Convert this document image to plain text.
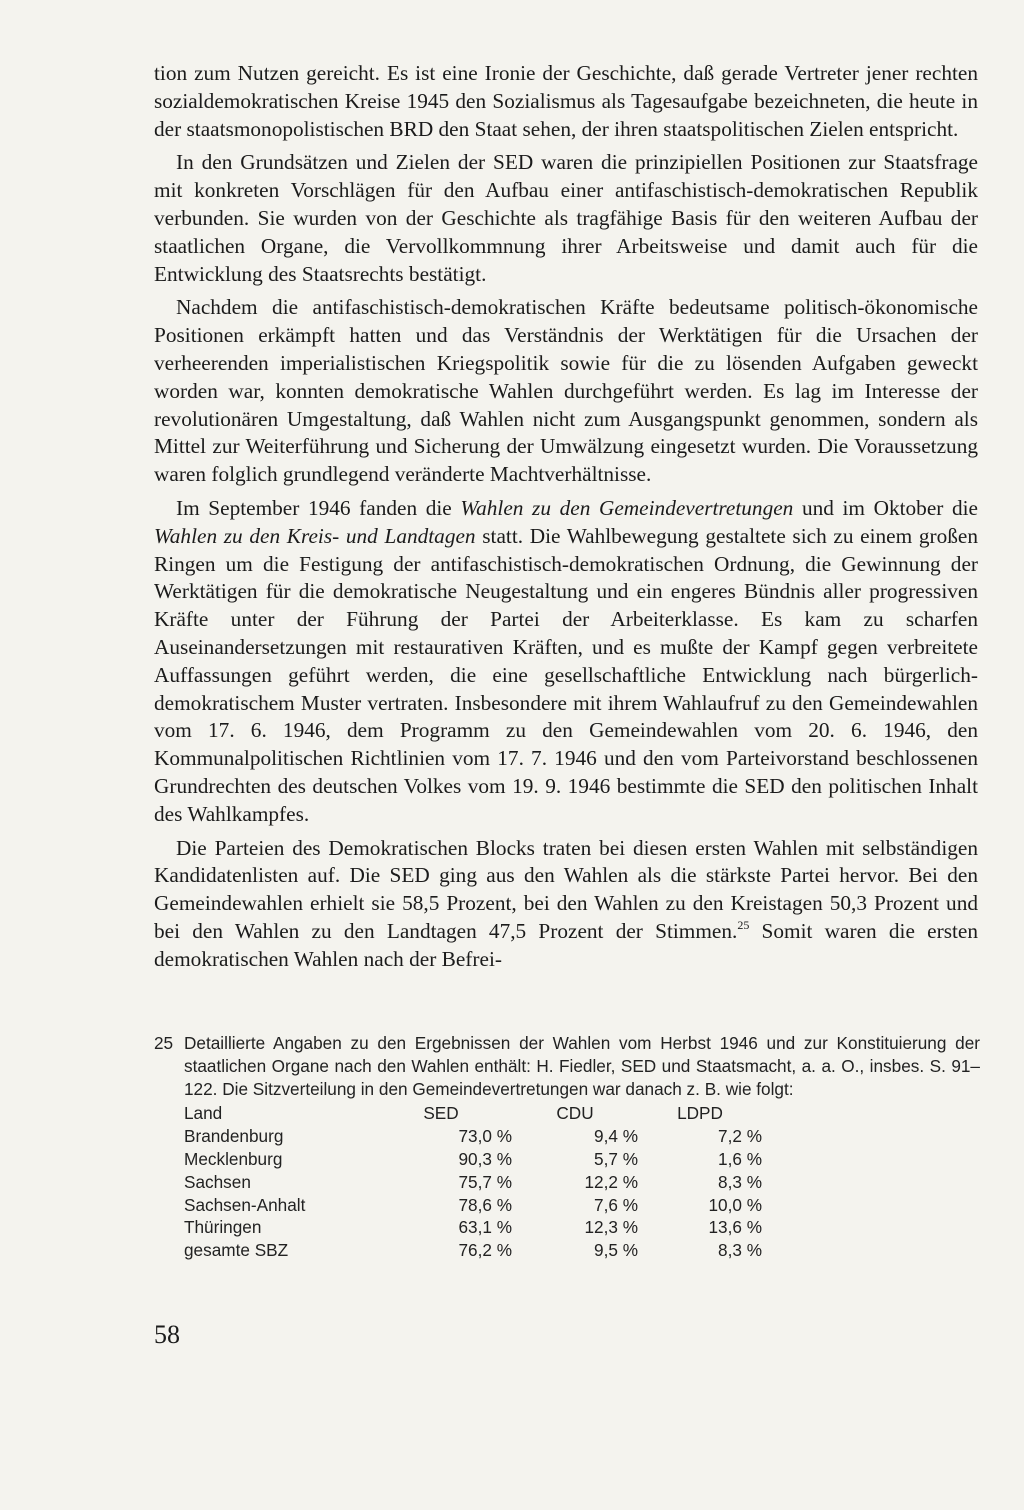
tion zum Nutzen gereicht. Es ist eine Ironie der Geschichte, daß gerade Vertreter jener rechten sozialdemokratischen Kreise 1945 den Sozialismus als Tagesaufgabe bezeichneten, die heute in der staatsmonopolistischen BRD den Staat sehen, der ihren staatspolitischen Zielen entspricht.

In den Grundsätzen und Zielen der SED waren die prinzipiellen Positionen zur Staatsfrage mit konkreten Vorschlägen für den Aufbau einer antifaschistisch-demokratischen Republik verbunden. Sie wurden von der Geschichte als tragfähige Basis für den weiteren Aufbau der staatlichen Organe, die Vervollkommnung ihrer Arbeitsweise und damit auch für die Entwicklung des Staatsrechts bestätigt.

Nachdem die antifaschistisch-demokratischen Kräfte bedeutsame politisch-ökonomische Positionen erkämpft hatten und das Verständnis der Werktätigen für die Ursachen der verheerenden imperialistischen Kriegspolitik sowie für die zu lösenden Aufgaben geweckt worden war, konnten demokratische Wahlen durchgeführt werden. Es lag im Interesse der revolutionären Umgestaltung, daß Wahlen nicht zum Ausgangspunkt genommen, sondern als Mittel zur Weiterführung und Sicherung der Umwälzung eingesetzt wurden. Die Voraussetzung waren folglich grundlegend veränderte Machtverhältnisse.

Im September 1946 fanden die Wahlen zu den Gemeindevertretungen und im Oktober die Wahlen zu den Kreis- und Landtagen statt. Die Wahlbewegung gestaltete sich zu einem großen Ringen um die Festigung der antifaschistisch-demokratischen Ordnung, die Gewinnung der Werktätigen für die demokratische Neugestaltung und ein engeres Bündnis aller progressiven Kräfte unter der Führung der Partei der Arbeiterklasse. Es kam zu scharfen Auseinandersetzungen mit restaurativen Kräften, und es mußte der Kampf gegen verbreitete Auffassungen geführt werden, die eine gesellschaftliche Entwicklung nach bürgerlich-demokratischem Muster vertraten. Insbesondere mit ihrem Wahlaufruf zu den Gemeindewahlen vom 17. 6. 1946, dem Programm zu den Gemeindewahlen vom 20. 6. 1946, den Kommunalpolitischen Richtlinien vom 17. 7. 1946 und den vom Parteivorstand beschlossenen Grundrechten des deutschen Volkes vom 19. 9. 1946 bestimmte die SED den politischen Inhalt des Wahlkampfes.

Die Parteien des Demokratischen Blocks traten bei diesen ersten Wahlen mit selbständigen Kandidatenlisten auf. Die SED ging aus den Wahlen als die stärkste Partei hervor. Bei den Gemeindewahlen erhielt sie 58,5 Prozent, bei den Wahlen zu den Kreistagen 50,3 Prozent und bei den Wahlen zu den Landtagen 47,5 Prozent der Stimmen.$^{25}$ Somit waren die ersten demokratischen Wahlen nach der Befrei-

25 Detaillierte Angaben zu den Ergebnissen der Wahlen vom Herbst 1946 und zur Konstituierung der staatlichen Organe nach den Wahlen enthält: H. Fiedler, SED und Staatsmacht, a. a. O., insbes. S. 91–122. Die Sitzverteilung in den Gemeindevertretungen war danach z. B. wie folgt:
Land	SED	CDU	LDPD
Brandenburg	73,0 %	9,4 %	7,2 %
Mecklenburg	90,3 %	5,7 %	1,6 %
Sachsen	75,7 %	12,2 %	8,3 %
Sachsen-Anhalt	78,6 %	7,6 %	10,0 %
Thüringen	63,1 %	12,3 %	13,6 %
gesamte SBZ	76,2 %	9,5 %	8,3 %
58
